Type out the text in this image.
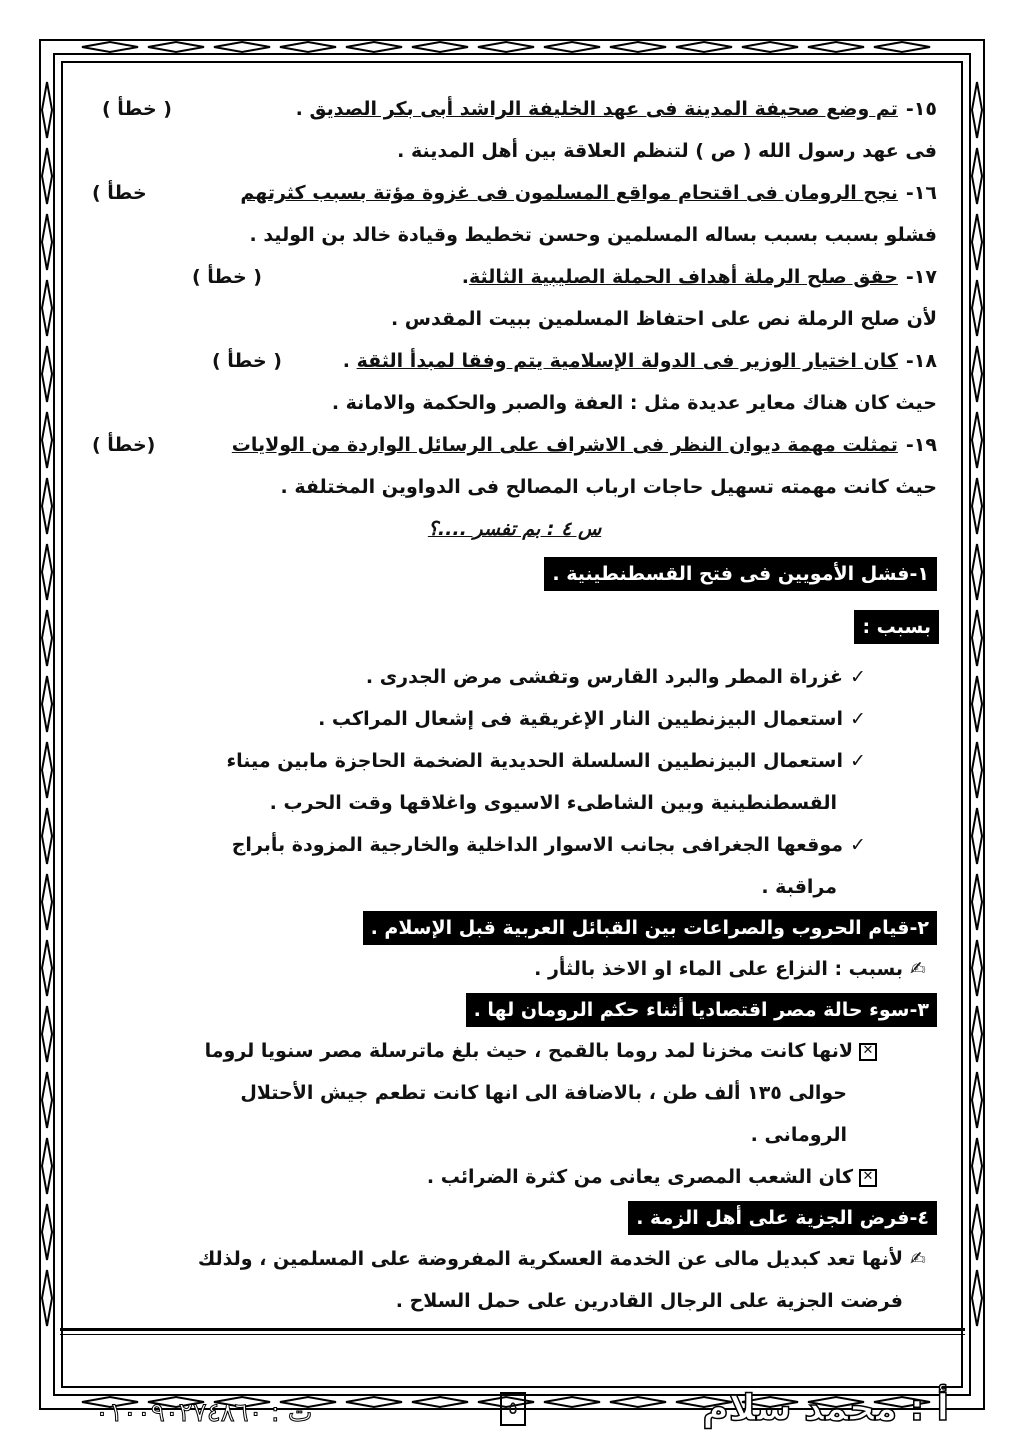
١٥-تم وضع صحيفة المدينة فى عهد الخليفة الراشد أبى بكر الصديق .
( خطأ )
فى عهد رسول الله ( ص ) لتنظم العلاقة بين أهل المدينة .
١٦-نجح الرومان فى اقتحام مواقع المسلمون فى غزوة مؤتة بسبب كثرتهم
خطأ )
فشلو بسبب بسبب بساله المسلمين وحسن تخطيط وقيادة خالد بن الوليد .
١٧-حقق صلح الرملة أهداف الحملة الصليبية الثالثة.
( خطأ )
لأن صلح الرملة نص على احتفاظ المسلمين ببيت المقدس .
١٨-كان اختيار الوزير فى الدولة الإسلامية يتم وفقا لمبدأ الثقة .
( خطأ )
حيث كان هناك معاير عديدة مثل : العفة والصبر والحكمة والامانة .
١٩-تمثلت مهمة ديوان النظر فى الاشراف على الرسائل الواردة من الولايات
(خطأ )
حيث كانت مهمته تسهيل حاجات ارباب المصالح فى الدواوين المختلفة .
س ٤ : بم تفسر ....؟
١-فشل الأمويين فى فتح القسطنطينية .
بسبب :
✓غزراة المطر والبرد القارس وتفشى مرض الجدرى .
✓استعمال البيزنطيين النار الإغريقية فى إشعال المراكب .
✓استعمال البيزنطيين السلسلة الحديدية الضخمة الحاجزة مابين ميناء
القسطنطينية وبين الشاطىء الاسيوى واغلاقها وقت الحرب .
✓موقعها الجغرافى بجانب الاسوار الداخلية والخارجية المزودة بأبراج
مراقبة .
٢-قيام الحروب والصراعات بين القبائل العربية قبل الإسلام .
✍بسبب : النزاع على الماء او الاخذ بالثأر .
٣-سوء حالة مصر اقتصاديا أثناء حكم الرومان لها .
✕لانها كانت مخزنا لمد روما بالقمح ، حيث بلغ ماترسلة مصر سنويا لروما
حوالى ١٣٥ ألف طن ، بالاضافة الى انها كانت تطعم جيش الأحتلال
الرومانى .
✕كان الشعب المصرى يعانى من كثرة الضرائب .
٤-فرض الجزية على أهل الزمة .
✍لأنها تعد كبديل مالى عن الخدمة العسكرية المفروضة على المسلمين ، ولذلك
فرضت الجزية على الرجال القادرين على حمل السلاح .
أ : محمد سلام
٥
ت : ٠١٠٠٩٠٢٧٤٨٦٠
